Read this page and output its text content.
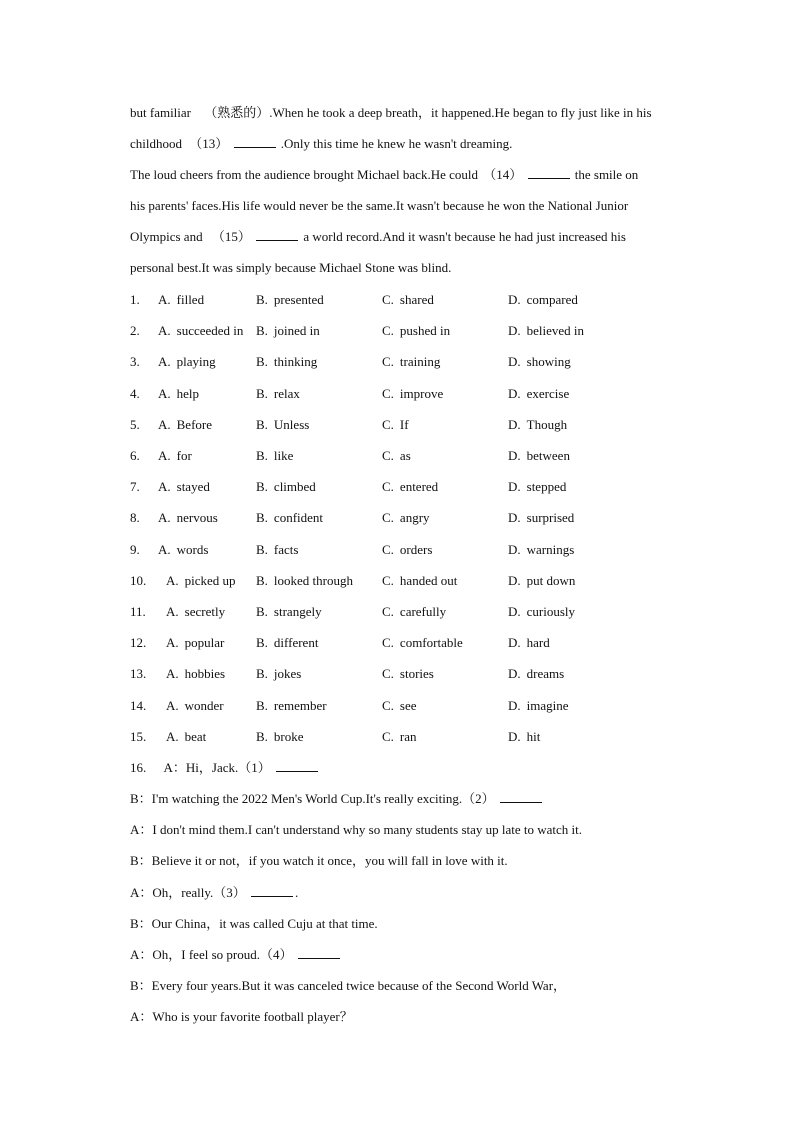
but familiar （熟悉的）.When he took a deep breath，it happened.He began to fly just like in his
childhood （13）	.Only this time he knew he wasn't dreaming.
The loud cheers from the audience brought Michael back.He could （14）	the smile on
his parents' faces.His life would never be the same.It wasn't because he won the National Junior
Olympics and （15）	a world record.And it wasn't because he had just increased his
personal best.It was simply because Michael Stone was blind.
1. A. filled	B. presented	C. shared	D. compared
2. A. succeeded in B. joined in	C. pushed in	D. believed in
3. A. playing	B. thinking	C. training	D. showing
4. A. help	B. relax	C. improve	D. exercise
5. A. Before	B. Unless	C. If	D. Though
6. A. for	B. like	C. as	D. between
7. A. stayed	B. climbed	C. entered	D. stepped
8. A. nervous	B. confident	C. angry	D. surprised
9. A. words	B. facts	C. orders	D. warnings
10. A. picked up B. looked through C. handed out	D. put down
11. A. secretly B. strangely	C. carefully	D. curiously
12. A. popular B. different	C. comfortable	D. hard
13. A. hobbies B. jokes	C. stories	D. dreams
14. A. wonder B. remember	C. see	D. imagine
15. A. beat	B. broke	C. ran	D. hit
16. A：Hi，Jack.（1）
B：I'm watching the 2022 Men's World Cup.It's really exciting.（2）
A：I don't mind them.I can't understand why so many students stay up late to watch it.
B：Believe it or not，if you watch it once，you will fall in love with it.
A：Oh，really.（3）	.
B：Our China，it was called Cuju at that time.
A：Oh，I feel so proud.（4）
B：Every four years.But it was canceled twice because of the Second World War，
A：Who is your favorite football player？
